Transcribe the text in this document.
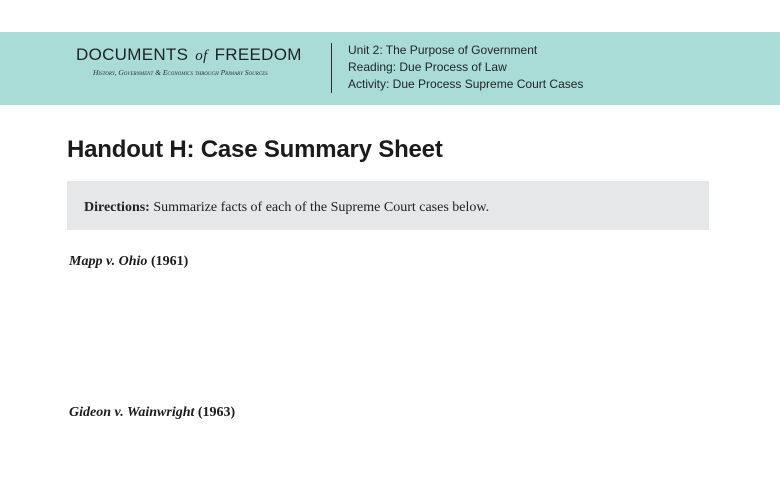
DOCUMENTS of FREEDOM
History, Government & Economics through Primary Sources
Unit 2: The Purpose of Government
Reading: Due Process of Law
Activity: Due Process Supreme Court Cases
Handout H: Case Summary Sheet
Directions: Summarize facts of each of the Supreme Court cases below.
Mapp v. Ohio (1961)
Gideon v. Wainwright (1963)
